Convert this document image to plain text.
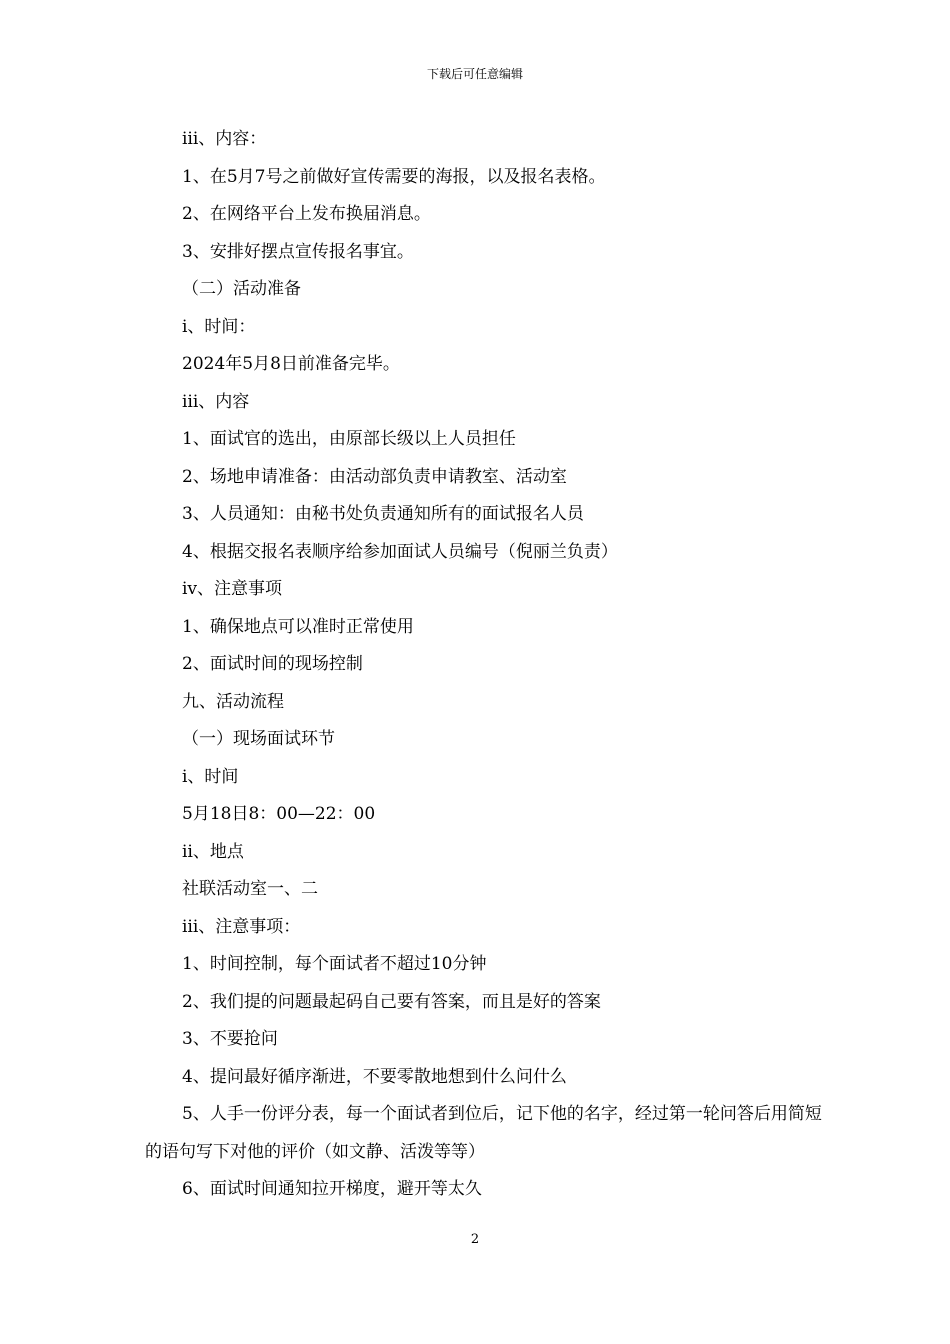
下载后可任意编辑
ⅲ、内容：
1、在5月7号之前做好宣传需要的海报，以及报名表格。
2、在网络平台上发布换届消息。
3、安排好摆点宣传报名事宜。
（二）活动准备
ⅰ、时间：
2024年5月8日前准备完毕。
ⅲ、内容
1、面试官的选出，由原部长级以上人员担任
2、场地申请准备：由活动部负责申请教室、活动室
3、人员通知：由秘书处负责通知所有的面试报名人员
4、根据交报名表顺序给参加面试人员编号（倪丽兰负责）
ⅳ、注意事项
1、确保地点可以准时正常使用
2、面试时间的现场控制
九、活动流程
（一）现场面试环节
ⅰ、时间
5月18日8：00—22：00
ⅱ、地点
社联活动室一、二
ⅲ、注意事项：
1、时间控制，每个面试者不超过10分钟
2、我们提的问题最起码自己要有答案，而且是好的答案
3、不要抢问
4、提问最好循序渐进，不要零散地想到什么问什么
5、人手一份评分表，每一个面试者到位后，记下他的名字，经过第一轮问答后用简短的语句写下对他的评价（如文静、活泼等等）
6、面试时间通知拉开梯度，避开等太久
2
